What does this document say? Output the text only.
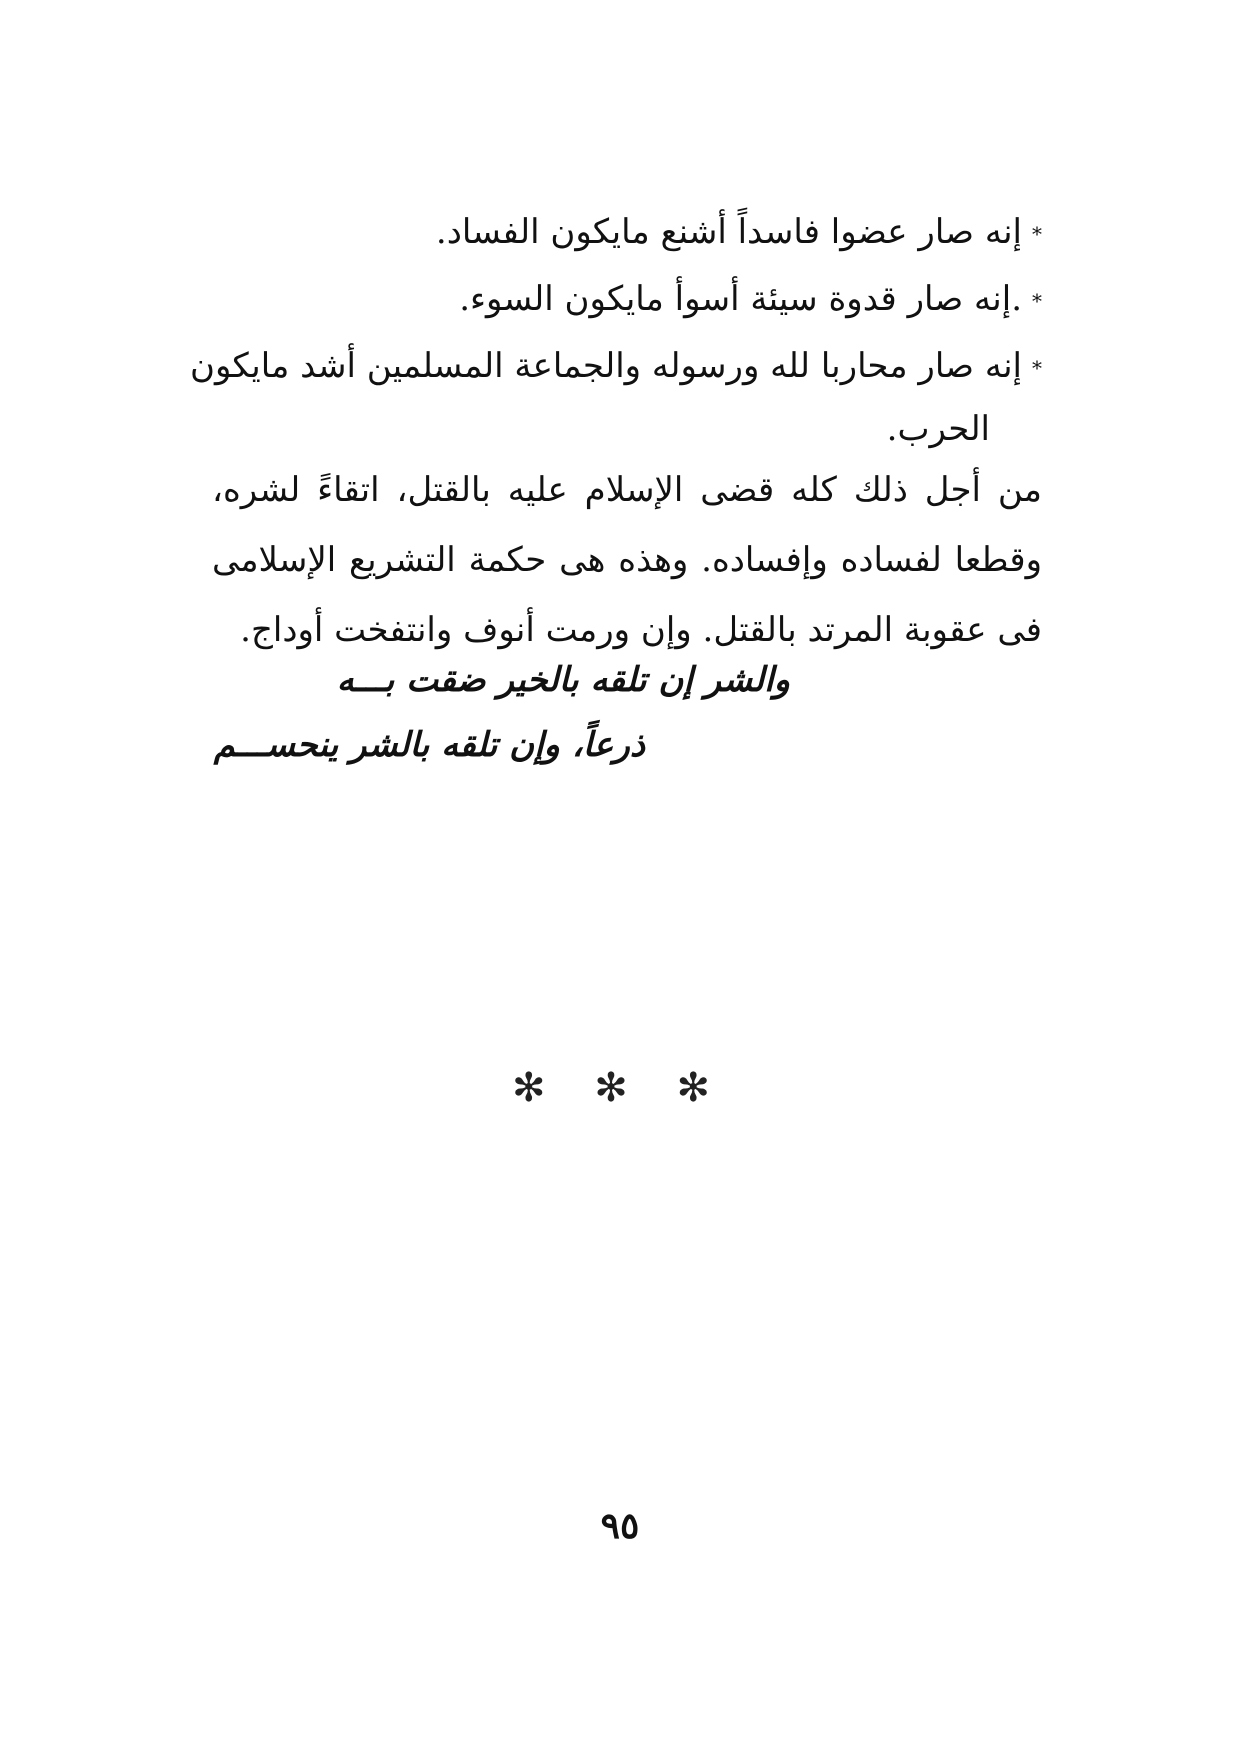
*إنه صار عضوا فاسداً أشنع مايكون الفساد.
*.إنه صار قدوة سيئة أسوأ مايكون السوء.
*إنه صار محاربا لله ورسوله والجماعة المسلمين أشد مايكون
الحرب.
من أجل ذلك كله قضى الإسلام عليه بالقتل، اتقاءً لشره، وقطعا لفساده وإفساده. وهذه هى حكمة التشريع الإسلامى فى عقوبة المرتد بالقتل. وإن ورمت أنوف وانتفخت أوداج.
والشر إن تلقه بالخير ضقت بـــه
ذرعاً، وإن تلقه بالشر ينحســـم
✻ ✻ ✻
٩٥
